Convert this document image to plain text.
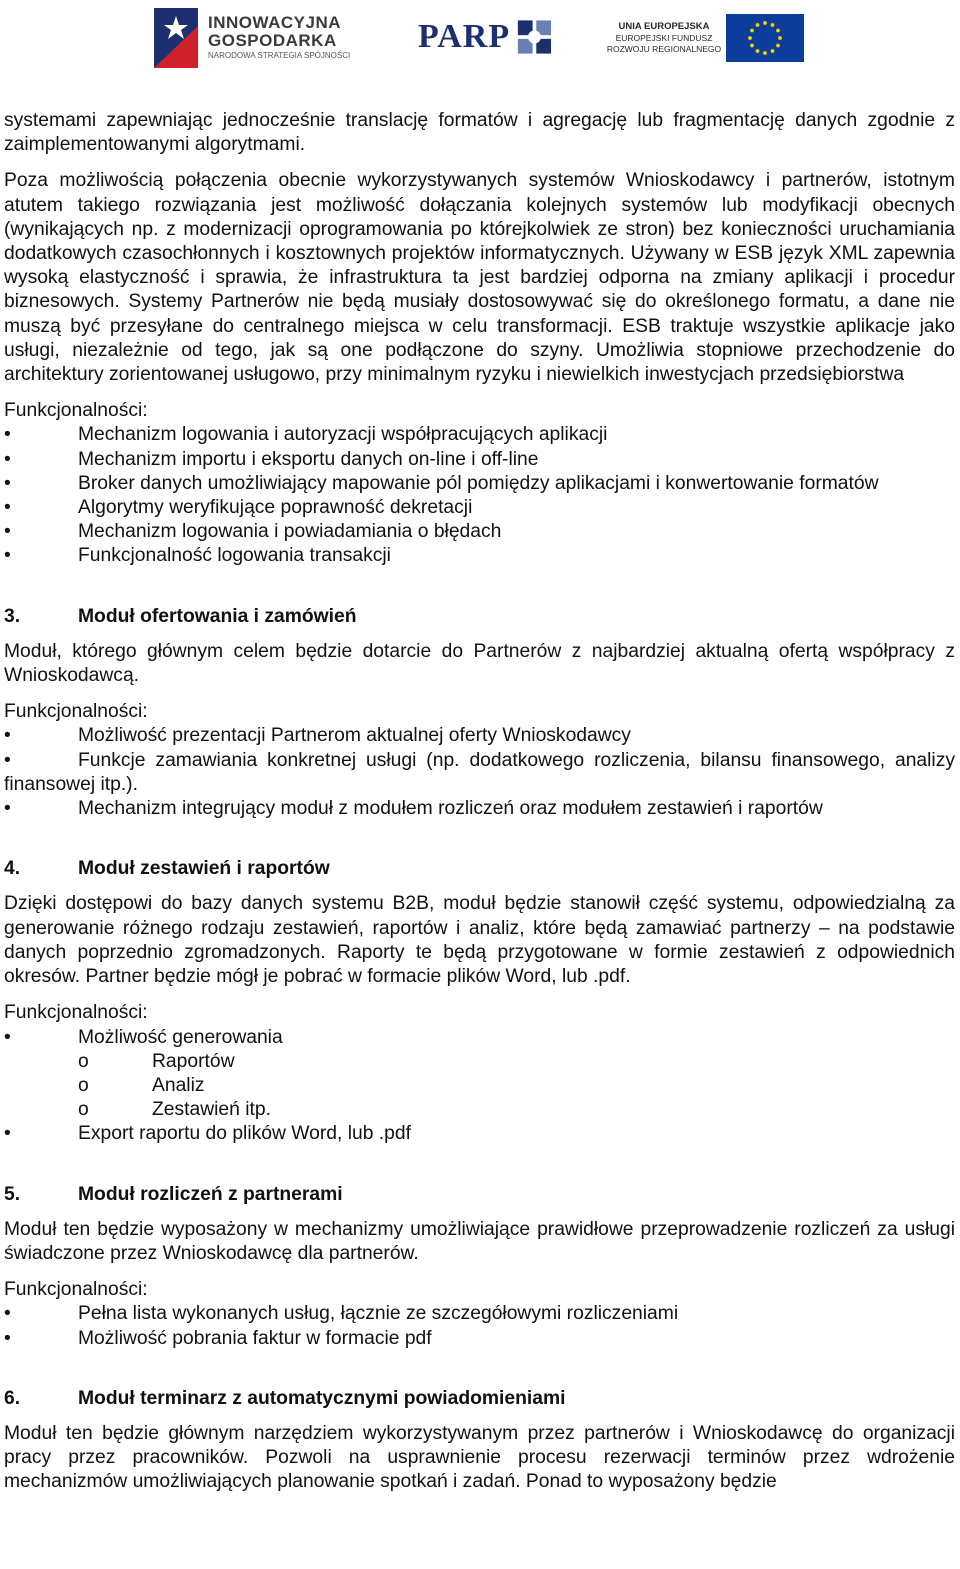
INNOWACYJNA
GOSPODARKA
NARODOWA STRATEGIA SPÓJNOŚCI
PARP	UNIA EUROPEJSKA
EUROPEJSKI FUNDUSZ
ROZWOJU REGIONALNEGO

systemami zapewniając jednocześnie translację formatów i agregację lub fragmentację danych zgodnie z zaimplementowanymi algorytmami.

Poza możliwością połączenia obecnie wykorzystywanych systemów Wnioskodawcy i partnerów, istotnym atutem takiego rozwiązania jest możliwość dołączania kolejnych systemów lub modyfikacji obecnych (wynikających np. z modernizacji oprogramowania po którejkolwiek ze stron) bez konieczności uruchamiania dodatkowych czasochłonnych i kosztownych projektów informatycznych. Używany w ESB język XML zapewnia wysoką elastyczność i sprawia, że infrastruktura ta jest bardziej odporna na zmiany aplikacji i procedur biznesowych. Systemy Partnerów nie będą musiały dostosowywać się do określonego formatu, a dane nie muszą być przesyłane do centralnego miejsca w celu transformacji. ESB traktuje wszystkie aplikacje jako usługi, niezależnie od tego, jak są one podłączone do szyny. Umożliwia stopniowe przechodzenie do architektury zorientowanej usługowo, przy minimalnym ryzyku i niewielkich inwestycjach przedsiębiorstwa

Funkcjonalności:

•	Mechanizm logowania i autoryzacji współpracujących aplikacji
•	Mechanizm importu i eksportu danych on-line i off-line
•	Broker danych umożliwiający mapowanie pól pomiędzy aplikacjami i konwertowanie formatów
•	Algorytmy weryfikujące poprawność dekretacji
•	Mechanizm logowania i powiadamiania o błędach
•	Funkcjonalność logowania transakcji
3.	Moduł ofertowania i zamówień

Moduł, którego głównym celem będzie dotarcie do Partnerów z najbardziej aktualną ofertą współpracy z Wnioskodawcą.

Funkcjonalności:

•	Możliwość prezentacji Partnerom aktualnej oferty Wnioskodawcy
•	Funkcje zamawiania konkretnej usługi (np. dodatkowego rozliczenia, bilansu finansowego, analizy finansowej itp.).
•	Mechanizm integrujący moduł z modułem rozliczeń oraz modułem zestawień i raportów
4.	Moduł zestawień i raportów

Dzięki dostępowi do bazy danych systemu B2B, moduł będzie stanowił część systemu, odpowiedzialną za generowanie różnego rodzaju zestawień, raportów i analiz, które będą zamawiać partnerzy – na podstawie danych poprzednio zgromadzonych. Raporty te będą przygotowane w formie zestawień z odpowiednich okresów. Partner będzie mógł je pobrać w formacie plików Word, lub .pdf.

Funkcjonalności:

•	Możliwość generowania
o	Raportów
o	Analiz
o	Zestawień itp.
•	Export raportu do plików Word, lub .pdf
5.	Moduł rozliczeń z partnerami

Moduł ten będzie wyposażony w mechanizmy umożliwiające prawidłowe przeprowadzenie rozliczeń za usługi świadczone przez Wnioskodawcę dla partnerów.

Funkcjonalności:

•	Pełna lista wykonanych usług, łącznie ze szczegółowymi rozliczeniami
•	Możliwość pobrania faktur w formacie pdf
6.	Moduł terminarz z automatycznymi powiadomieniami

Moduł ten będzie głównym narzędziem wykorzystywanym przez partnerów i Wnioskodawcę do organizacji pracy przez pracowników. Pozwoli na usprawnienie procesu rezerwacji terminów przez wdrożenie mechanizmów umożliwiających planowanie spotkań i zadań. Ponad to wyposażony będzie
